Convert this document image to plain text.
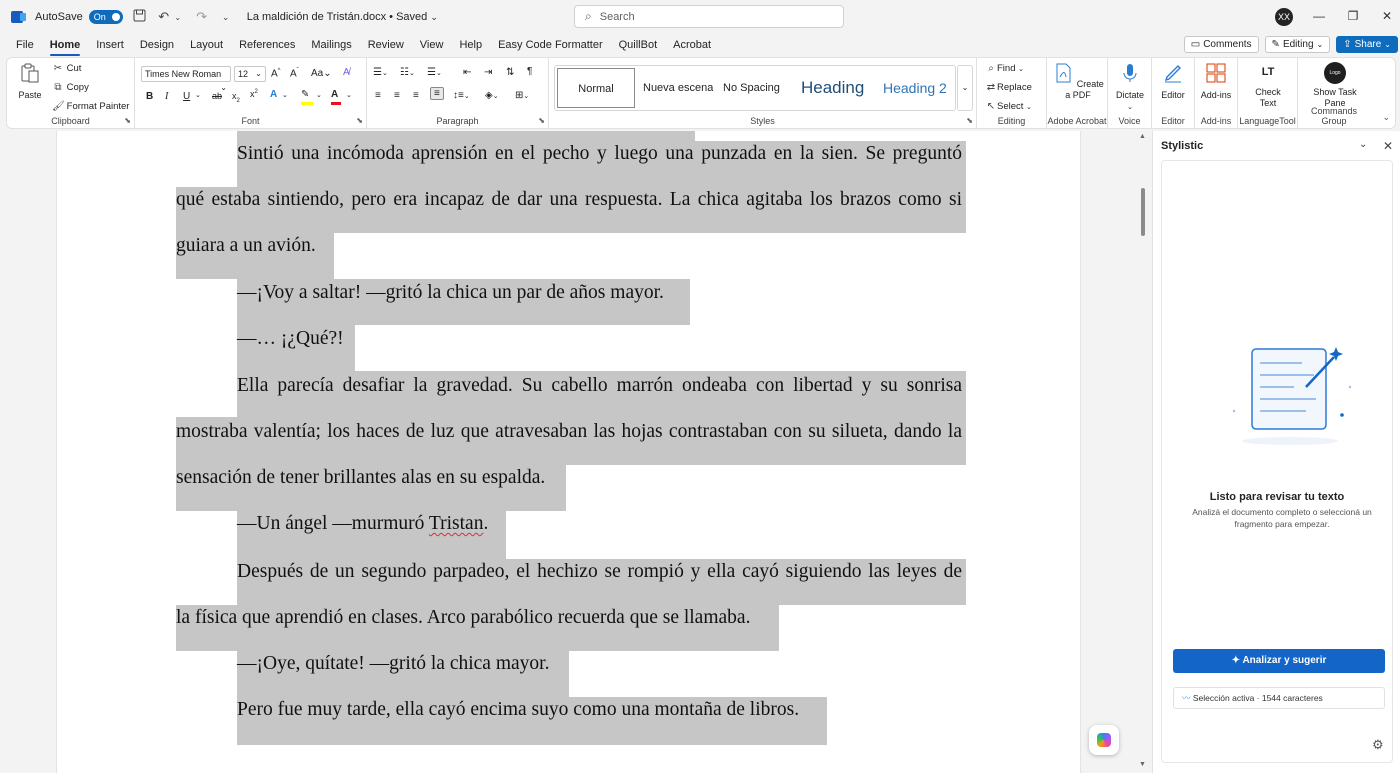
AutoSave On	↶ ⌄ ↷	⌄ La maldición de Tristán.docx • Saved ⌄	⌕ Search	XX — ❐ ✕
File	Home	Insert	Design	Layout	References	Mailings	Review	View	Help	Easy Code Formatter	QuillBot	Acrobat	▭ Comments ✎ Editing ⌄ ⇪ Share ⌄
Paste
✂ Cut
⧉ Copy
🖌 Format Painter
Clipboard	⬊
Times New Roman
⌄
12 ⌄ A^ $A^ˇ$ Aa⌄ A̸
B I U ⌄ ab $x_2$
$x^2$ A ⌄ ✎ ⌄ A ⌄
Font	⬊
☰⌄ ☷⌄ ☰⌄ ⇤ ⇥ ⇅ ¶
≡ ≡ ≡	≡	↕≡⌄ ◈⌄ ⊞⌄
Paragraph	⬊
Normal	Nueva escena No Spacing	Heading	Heading 2	⌄
Styles	⬊
⌕ Find ⌄
⇄ Replace
↖ Select ⌄
Editing
Create a PDF
Adobe Acrobat
Dictate
⌄
Voice
Editor
Editor
Add-ins
Add-ins
LT
Check Text
LanguageTool
Logo
Show Task Pane
Commands Group	⌄
Sintió una incómoda aprensión en el pecho y luego una punzada en la sien. Se preguntó
qué estaba sintiendo, pero era incapaz de dar una respuesta. La chica agitaba los brazos como si
guiara a un avión.
—¡Voy a saltar! —gritó la chica un par de años mayor.
—… ¡¿Qué?!
Ella parecía desafiar la gravedad. Su cabello marrón ondeaba con libertad y su sonrisa
mostraba valentía; los haces de luz que atravesaban las hojas contrastaban con su silueta, dando la
sensación de tener brillantes alas en su espalda.
—Un ángel —murmuró Tristan.
Después de un segundo parpadeo, el hechizo se rompió y ella cayó siguiendo las leyes de
la física que aprendió en clases. Arco parabólico recuerda que se llamaba.
—¡Oye, quítate! —gritó la chica mayor.
Pero fue muy tarde, ella cayó encima suyo como una montaña de libros.
▲
▼
Stylistic	⌄ ✕
Listo para revisar tu texto
Analizá el documento completo o seleccioná un fragmento para empezar.
✦ Analizar y sugerir
〰 Selección activa · 1544 caracteres
⚙
